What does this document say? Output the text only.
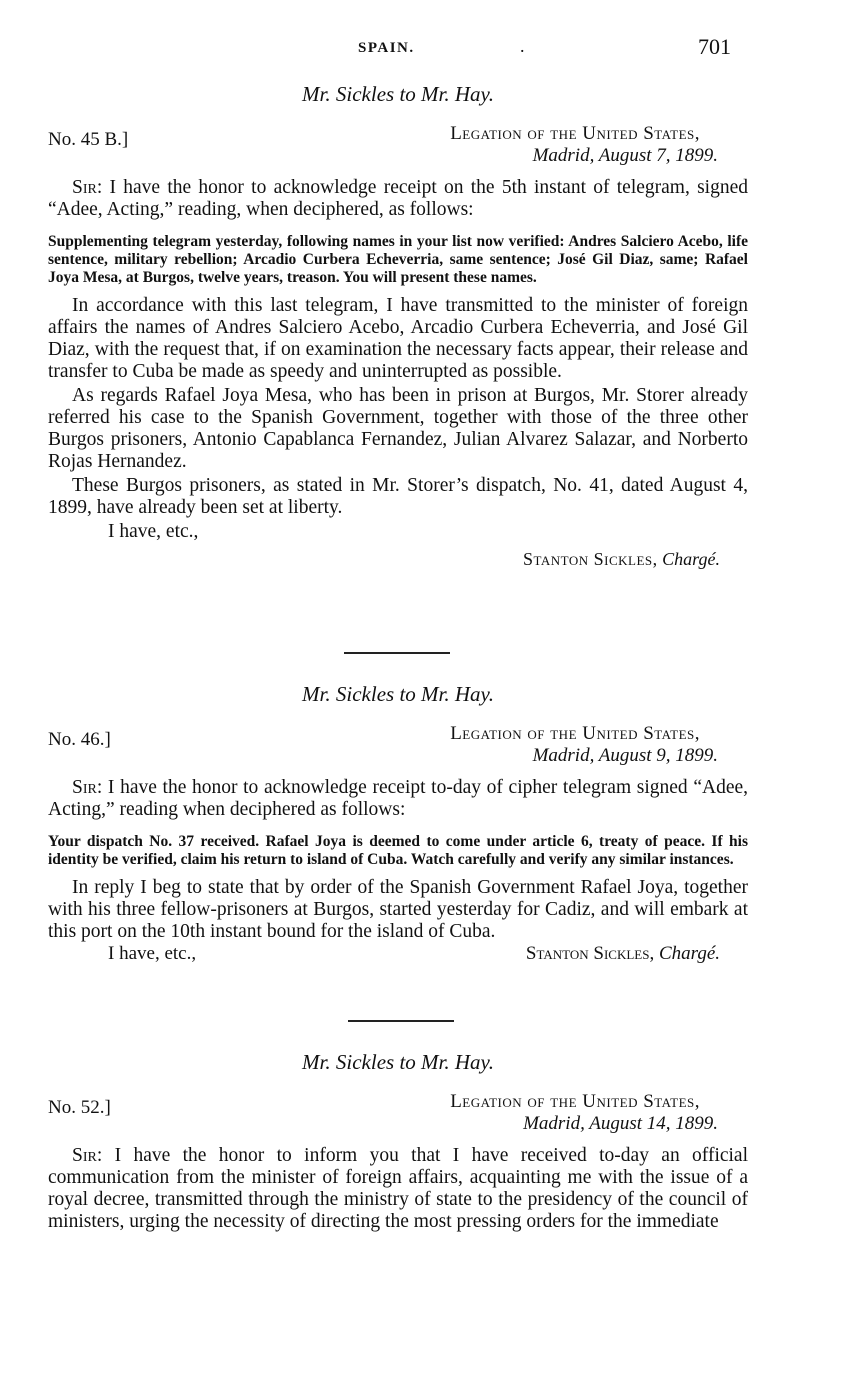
SPAIN.	.	701
Mr. Sickles to Mr. Hay.
No. 45 B.]	Legation of the United States,
Madrid, August 7, 1899.

Sir: I have the honor to acknowledge receipt on the 5th instant of telegram, signed “Adee, Acting,” reading, when deciphered, as follows:

Supplementing telegram yesterday, following names in your list now verified: Andres Salciero Acebo, life sentence, military rebellion; Arcadio Curbera Echeverria, same sentence; José Gil Diaz, same; Rafael Joya Mesa, at Burgos, twelve years, treason. You will present these names.

In accordance with this last telegram, I have transmitted to the minister of foreign affairs the names of Andres Salciero Acebo, Arcadio Curbera Echeverria, and José Gil Diaz, with the request that, if on examination the necessary facts appear, their release and transfer to Cuba be made as speedy and uninterrupted as possible.

As regards Rafael Joya Mesa, who has been in prison at Burgos, Mr. Storer already referred his case to the Spanish Government, together with those of the three other Burgos prisoners, Antonio Capablanca Fernandez, Julian Alvarez Salazar, and Norberto Rojas Hernandez.

These Burgos prisoners, as stated in Mr. Storer’s dispatch, No. 41, dated August 4, 1899, have already been set at liberty.

I have, etc.,

Stanton Sickles, Chargé.
Mr. Sickles to Mr. Hay.
No. 46.]	Legation of the United States,
Madrid, August 9, 1899.

Sir: I have the honor to acknowledge receipt to-day of cipher telegram signed “Adee, Acting,” reading when deciphered as follows:

Your dispatch No. 37 received. Rafael Joya is deemed to come under article 6, treaty of peace. If his identity be verified, claim his return to island of Cuba. Watch carefully and verify any similar instances.

In reply I beg to state that by order of the Spanish Government Rafael Joya, together with his three fellow-prisoners at Burgos, started yesterday for Cadiz, and will embark at this port on the 10th instant bound for the island of Cuba.

I have, etc.,	Stanton Sickles, Chargé.
Mr. Sickles to Mr. Hay.
No. 52.]	Legation of the United States,
Madrid, August 14, 1899.

Sir: I have the honor to inform you that I have received to-day an official communication from the minister of foreign affairs, acquainting me with the issue of a royal decree, transmitted through the ministry of state to the presidency of the council of ministers, urging the necessity of directing the most pressing orders for the immediate
